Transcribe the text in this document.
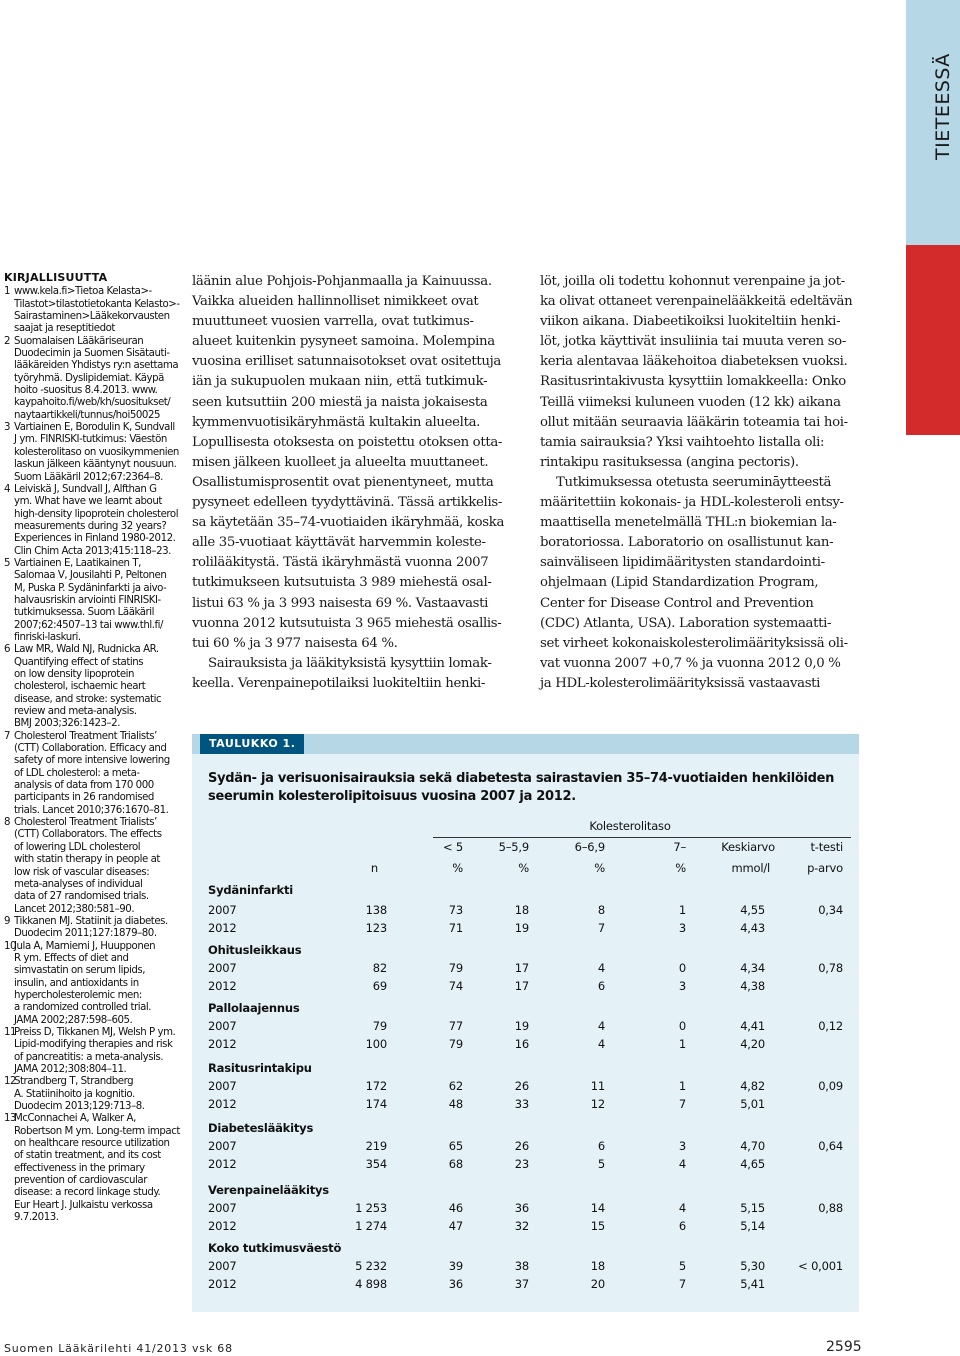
TIETEESSÄ
KIRJALLISUUTTA
1 www.kela.fi>Tietoa Kelasta>-
Tilastot>tilastotietokanta Kelasto>-
Sairastaminen>Lääkekorvausten
saajat ja reseptitiedot
2 Suomalaisen Lääkäriseuran
Duodecimin ja Suomen Sisätauti-
lääkäreiden Yhdistys ry:n asettama
työryhmä. Dyslipidemiat. Käypä
hoito -suositus 8.4.2013. www.
kaypahoito.fi/web/kh/suositukset/
naytaartikkeli/tunnus/hoi50025
3 Vartiainen E, Borodulin K, Sundvall
J ym. FINRISKI-tutkimus: Väestön
kolesterolitaso on vuosikymmenien
laskun jälkeen kääntynyt nousuun.
Suom Lääkäril 2012;67:2364–8.
4 Leiviskä J, Sundvall J, Alfthan G
ym. What have we learnt about
high-density lipoprotein cholesterol
measurements during 32 years?
Experiences in Finland 1980-2012.
Clin Chim Acta 2013;415:118–23.
5 Vartiainen E, Laatikainen T,
Salomaa V, Jousilahti P, Peltonen
M, Puska P. Sydäninfarkti ja aivo-
halvausriskin arviointi FINRISKI-
tutkimuksessa. Suom Lääkäril
2007;62:4507–13 tai www.thl.fi/
finriski-laskuri.
6 Law MR, Wald NJ, Rudnicka AR.
Quantifying effect of statins
on low density lipoprotein
cholesterol, ischaemic heart
disease, and stroke: systematic
review and meta-analysis.
BMJ 2003;326:1423–2.
7 Cholesterol Treatment Trialists’
(CTT) Collaboration. Efficacy and
safety of more intensive lowering
of LDL cholesterol: a meta-
analysis of data from 170 000
participants in 26 randomised
trials. Lancet 2010;376:1670–81.
8 Cholesterol Treatment Trialists’
(CTT) Collaborators. The effects
of lowering LDL cholesterol
with statin therapy in people at
low risk of vascular diseases:
meta-analyses of individual
data of 27 randomised trials.
Lancet 2012;380:581–90.
9 Tikkanen MJ. Statiinit ja diabetes.
Duodecim 2011;127:1879–80.
10
Jula A, Marniemi J, Huupponen
R ym. Effects of diet and
simvastatin on serum lipids,
insulin, and antioxidants in
hypercholesterolemic men:
a randomized controlled trial.
JAMA 2002;287:598–605.
11
Preiss D, Tikkanen MJ, Welsh P ym.
Lipid-modifying therapies and risk
of pancreatitis: a meta-analysis.
JAMA 2012;308:804–11.
12
Strandberg T, Strandberg
A. Statiinihoito ja kognitio.
Duodecim 2013;129:713–8.
13
McConnachei A, Walker A,
Robertson M ym. Long-term impact
on healthcare resource utilization
of statin treatment, and its cost
effectiveness in the primary
prevention of cardiovascular
disease: a record linkage study.
Eur Heart J. Julkaistu verkossa
9.7.2013.

läänin alue Pohjois-Pohjanmaalla ja Kainuussa.
Vaikka alueiden hallinnolliset nimikkeet ovat
muuttuneet vuosien varrella, ovat tutkimus-
alueet kuitenkin pysyneet samoina. Molempina
vuosina erilliset satunnaisotokset ovat ositettuja
iän ja sukupuolen mukaan niin, että tutkimuk-
seen kutsuttiin 200 miestä ja naista jokaisesta
kymmenvuotisikäryhmästä kultakin alueelta.
Lopullisesta otoksesta on poistettu otoksen otta-
misen jälkeen kuolleet ja alueelta muuttaneet.
Osallistumisprosentit ovat pienentyneet, mutta
pysyneet edelleen tyydyttävinä. Tässä artikkelis-
sa käytetään 35–74-vuotiaiden ikäryhmää, koska
alle 35-vuotiaat käyttävät harvemmin koleste-
rolilääkitystä. Tästä ikäryhmästä vuonna 2007
tutkimukseen kutsutuista 3 989 miehestä osal-
listui 63 % ja 3 993 naisesta 69 %. Vastaavasti
vuonna 2012 kutsutuista 3 965 miehestä osallis-
tui 60 % ja 3 977 naisesta 64 %.

Sairauksista ja lääkityksistä kysyttiin lomak-
keella. Verenpainepotilaiksi luokiteltiin henki-

löt, joilla oli todettu kohonnut verenpaine ja jot-
ka olivat ottaneet verenpainelääkkeitä edeltävän
viikon aikana. Diabeetikoiksi luokiteltiin henki-
löt, jotka käyttivät insuliinia tai muuta veren so-
keria alentavaa lääkehoitoa diabeteksen vuoksi.
Rasitusrintakivusta kysyttiin lomakkeella: Onko
Teillä viimeksi kuluneen vuoden (12 kk) aikana
ollut mitään seuraavia lääkärin toteamia tai hoi-
tamia sairauksia? Yksi vaihtoehto listalla oli:
rintakipu rasituksessa (angina pectoris).

Tutkimuksessa otetusta seerumināytteestä
määritettiin kokonais- ja HDL-kolesteroli entsy-
maattisella menetelmällä THL:n biokemian la-
boratoriossa. Laboratorio on osallistunut kan-
sainväliseen lipidimääritysten standardointi-
ohjelmaan (Lipid Standardization Program,
Center for Disease Control and Prevention
(CDC) Atlanta, USA). Laboration systemaatti-
set virheet kokonaiskolesterolimäärityksissä oli-
vat vuonna 2007 +0,7 % ja vuonna 2012 0,0 %
ja HDL-kolesterolimäärityksissä vastaavasti

TAULUKKO 1.
Sydän- ja verisuonisairauksia sekä diabetesta sairastavien 35–74-vuotiaiden henkilöiden seerumin kolesterolipitoisuus vuosina 2007 ja 2012.
Kolesterolitaso
< 5	5–5,9	6–6,9	7–	Keskiarvo	t-testi
n	%	%	%	%	mmol/l	p-arvo
Sydäninfarkti
2007	138	73	18	8	1	4,55	0,34
2012	123	71	19	7	3	4,43
Ohitusleikkaus
2007	82	79	17	4	0	4,34	0,78
2012	69	74	17	6	3	4,38
Pallolaajennus
2007	79	77	19	4	0	4,41	0,12
2012	100	79	16	4	1	4,20
Rasitusrintakipu
2007	172	62	26	11	1	4,82	0,09
2012	174	48	33	12	7	5,01
Diabeteslääkitys
2007	219	65	26	6	3	4,70	0,64
2012	354	68	23	5	4	4,65
Verenpainelääkitys
2007	1 253	46	36	14	4	5,15	0,88
2012	1 274	47	32	15	6	5,14
Koko tutkimusväestö
2007	5 232	39	38	18	5	5,30	< 0,001
2012	4 898	36	37	20	7	5,41
Suomen Lääkärilehti 41/2013 vsk 68	2595
